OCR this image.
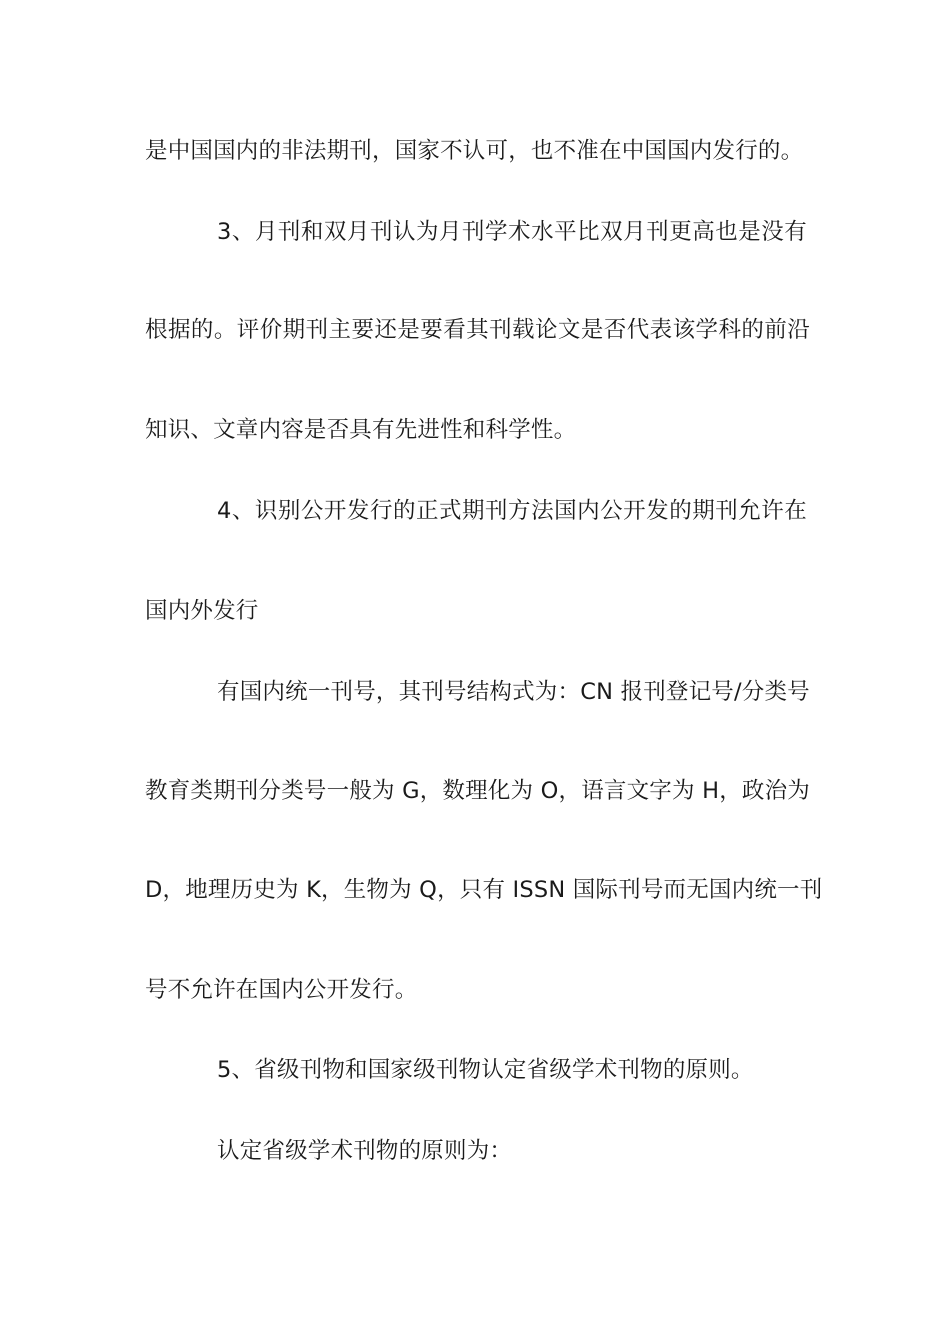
是中国国内的非法期刊，国家不认可，也不准在中国国内发行的。
3、月刊和双月刊认为月刊学术水平比双月刊更高也是没有
根据的。评价期刊主要还是要看其刊载论文是否代表该学科的前沿
知识、文章内容是否具有先进性和科学性。
4、识别公开发行的正式期刊方法国内公开发的期刊允许在
国内外发行
有国内统一刊号，其刊号结构式为：CN 报刊登记号/分类号
教育类期刊分类号一般为 G，数理化为 O，语言文字为 H，政治为
D，地理历史为 K，生物为 Q，只有 ISSN 国际刊号而无国内统一刊
号不允许在国内公开发行。
5、省级刊物和国家级刊物认定省级学术刊物的原则。
认定省级学术刊物的原则为：
